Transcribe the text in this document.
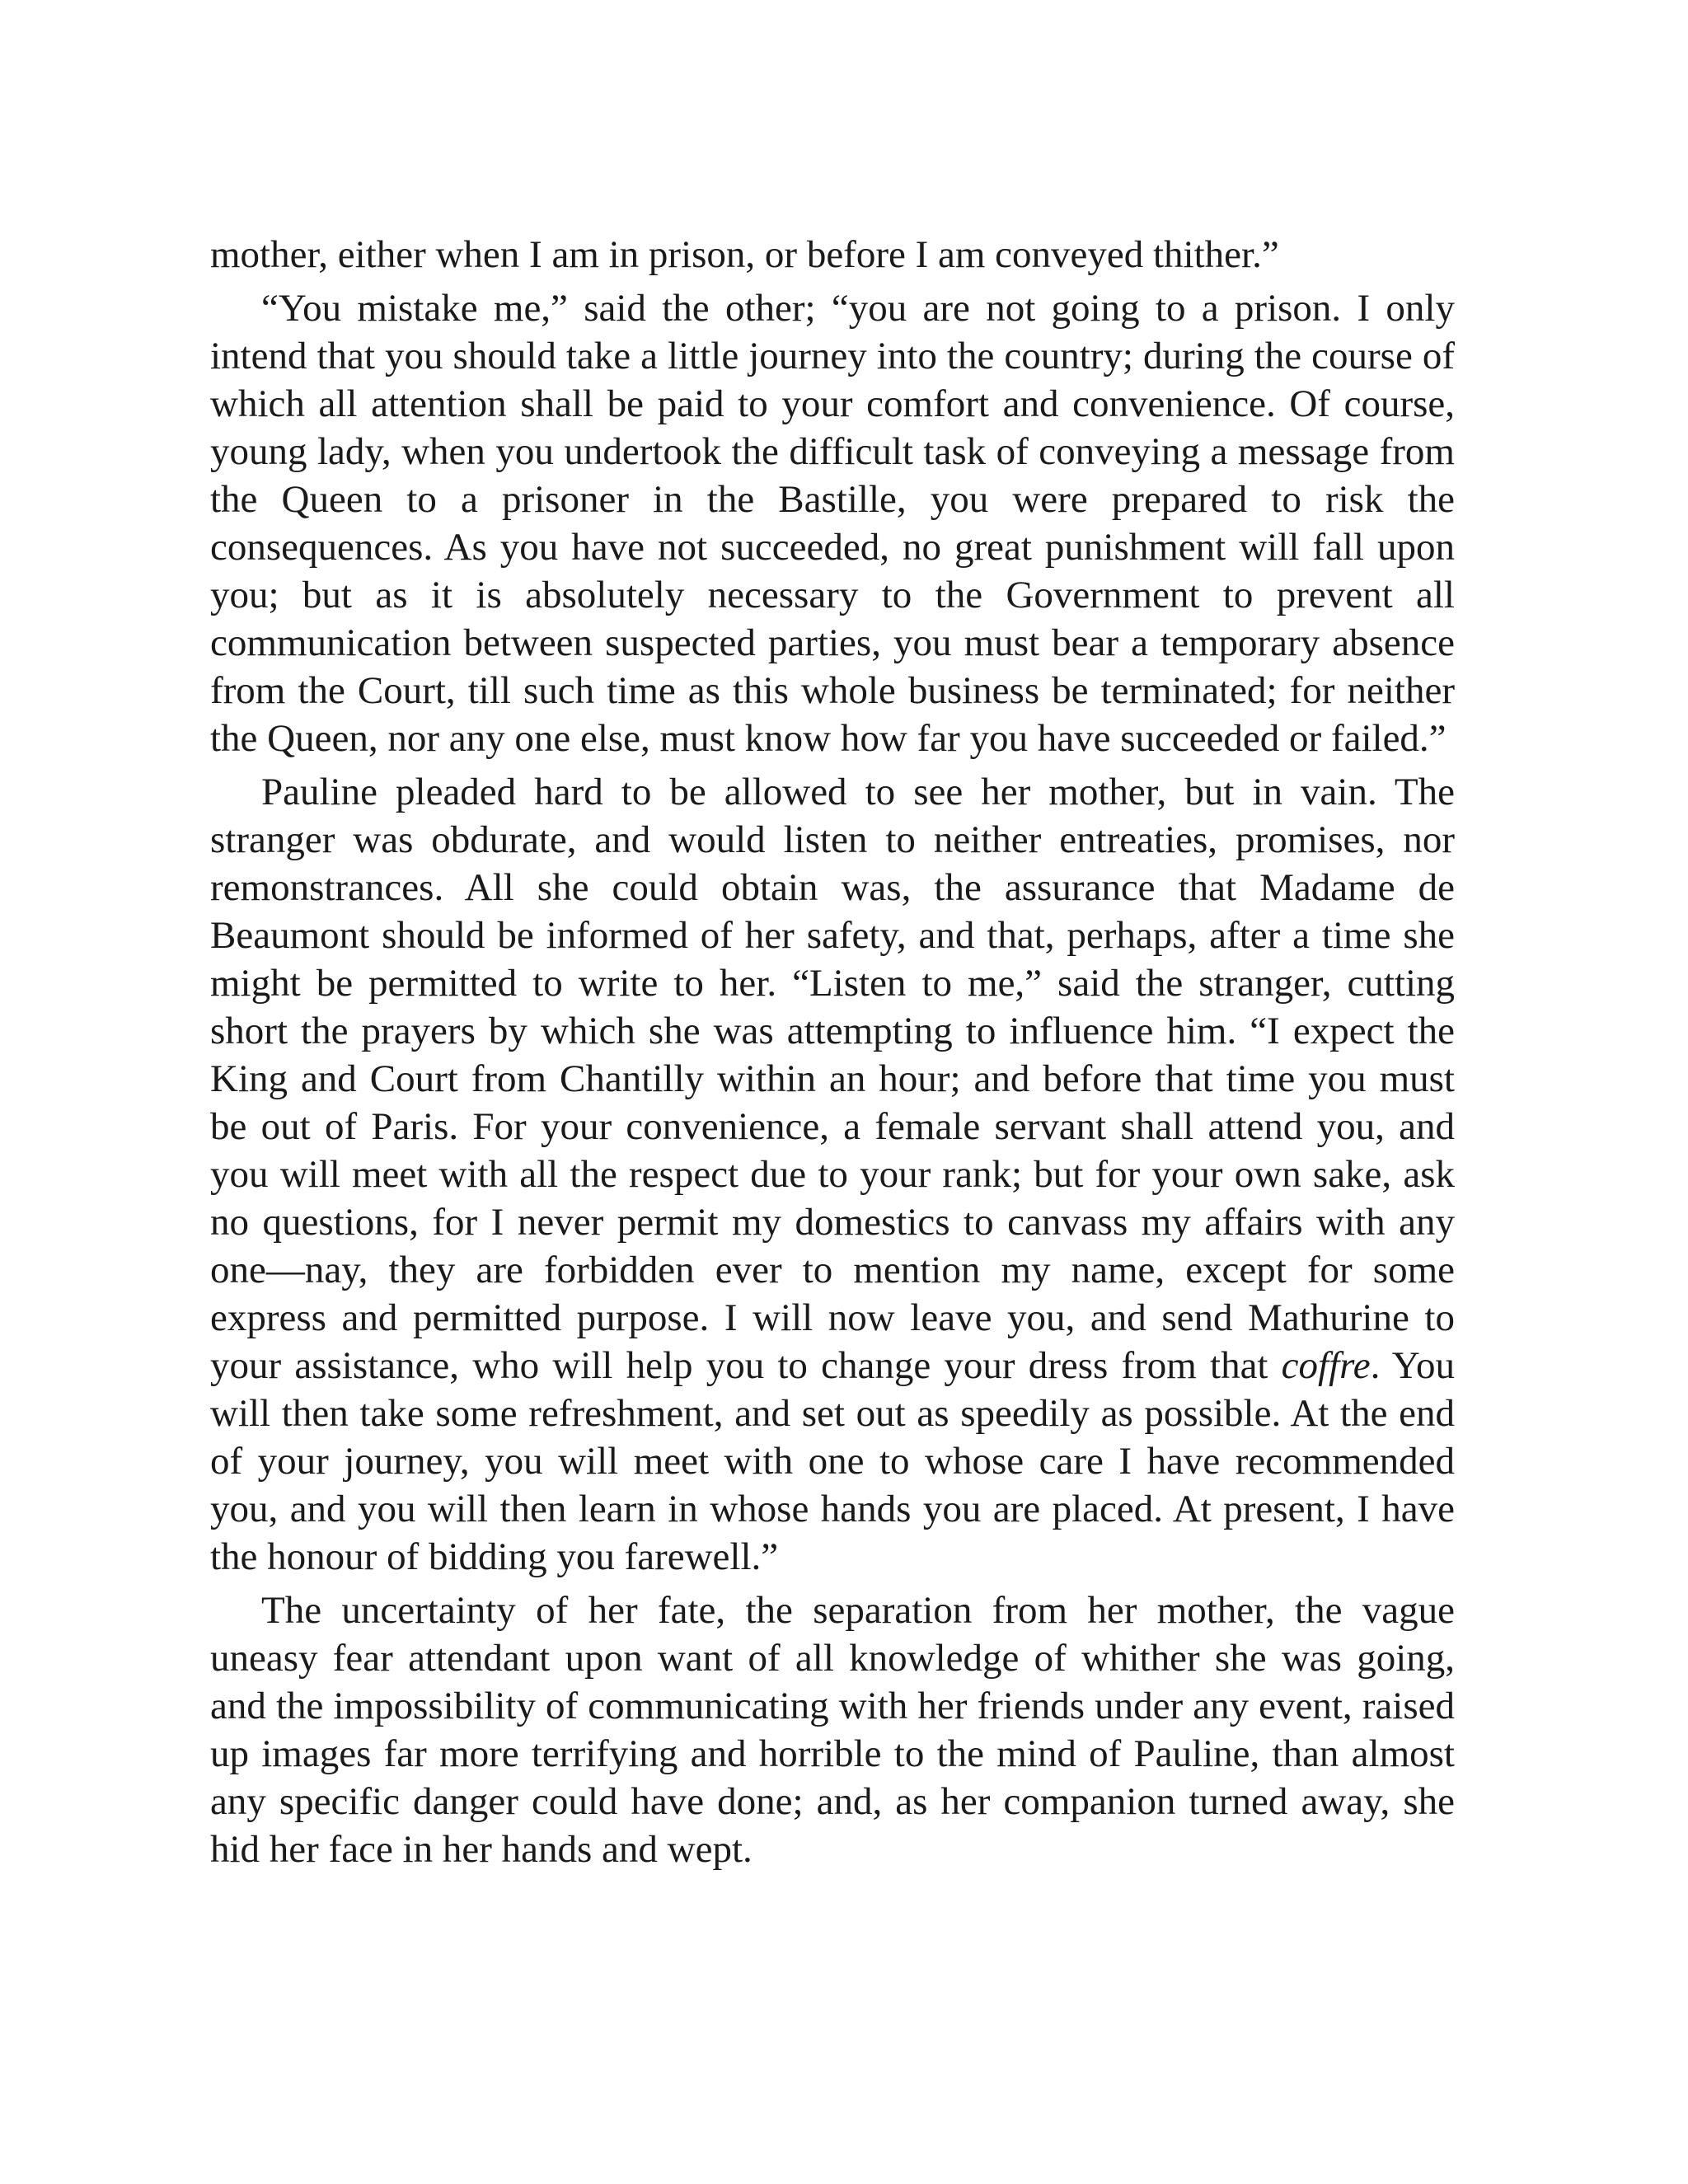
mother, either when I am in prison, or before I am conveyed thither.”

“You mistake me,” said the other; “you are not going to a prison. I only intend that you should take a little journey into the country; during the course of which all attention shall be paid to your comfort and convenience. Of course, young lady, when you undertook the difficult task of conveying a message from the Queen to a prisoner in the Bastille, you were prepared to risk the consequences. As you have not succeeded, no great punishment will fall upon you; but as it is absolutely necessary to the Government to prevent all communication between suspected parties, you must bear a temporary absence from the Court, till such time as this whole business be terminated; for neither the Queen, nor any one else, must know how far you have succeeded or failed.”

Pauline pleaded hard to be allowed to see her mother, but in vain. The stranger was obdurate, and would listen to neither entreaties, promises, nor remonstrances. All she could obtain was, the assurance that Madame de Beaumont should be informed of her safety, and that, perhaps, after a time she might be permitted to write to her. “Listen to me,” said the stranger, cutting short the prayers by which she was attempting to influence him. “I expect the King and Court from Chantilly within an hour; and before that time you must be out of Paris. For your convenience, a female servant shall attend you, and you will meet with all the respect due to your rank; but for your own sake, ask no questions, for I never permit my domestics to canvass my affairs with any one—nay, they are forbidden ever to mention my name, except for some express and permitted purpose. I will now leave you, and send Mathurine to your assistance, who will help you to change your dress from that coffre. You will then take some refreshment, and set out as speedily as possible. At the end of your journey, you will meet with one to whose care I have recommended you, and you will then learn in whose hands you are placed. At present, I have the honour of bidding you farewell.”

The uncertainty of her fate, the separation from her mother, the vague uneasy fear attendant upon want of all knowledge of whither she was going, and the impossibility of communicating with her friends under any event, raised up images far more terrifying and horrible to the mind of Pauline, than almost any specific danger could have done; and, as her companion turned away, she hid her face in her hands and wept.
